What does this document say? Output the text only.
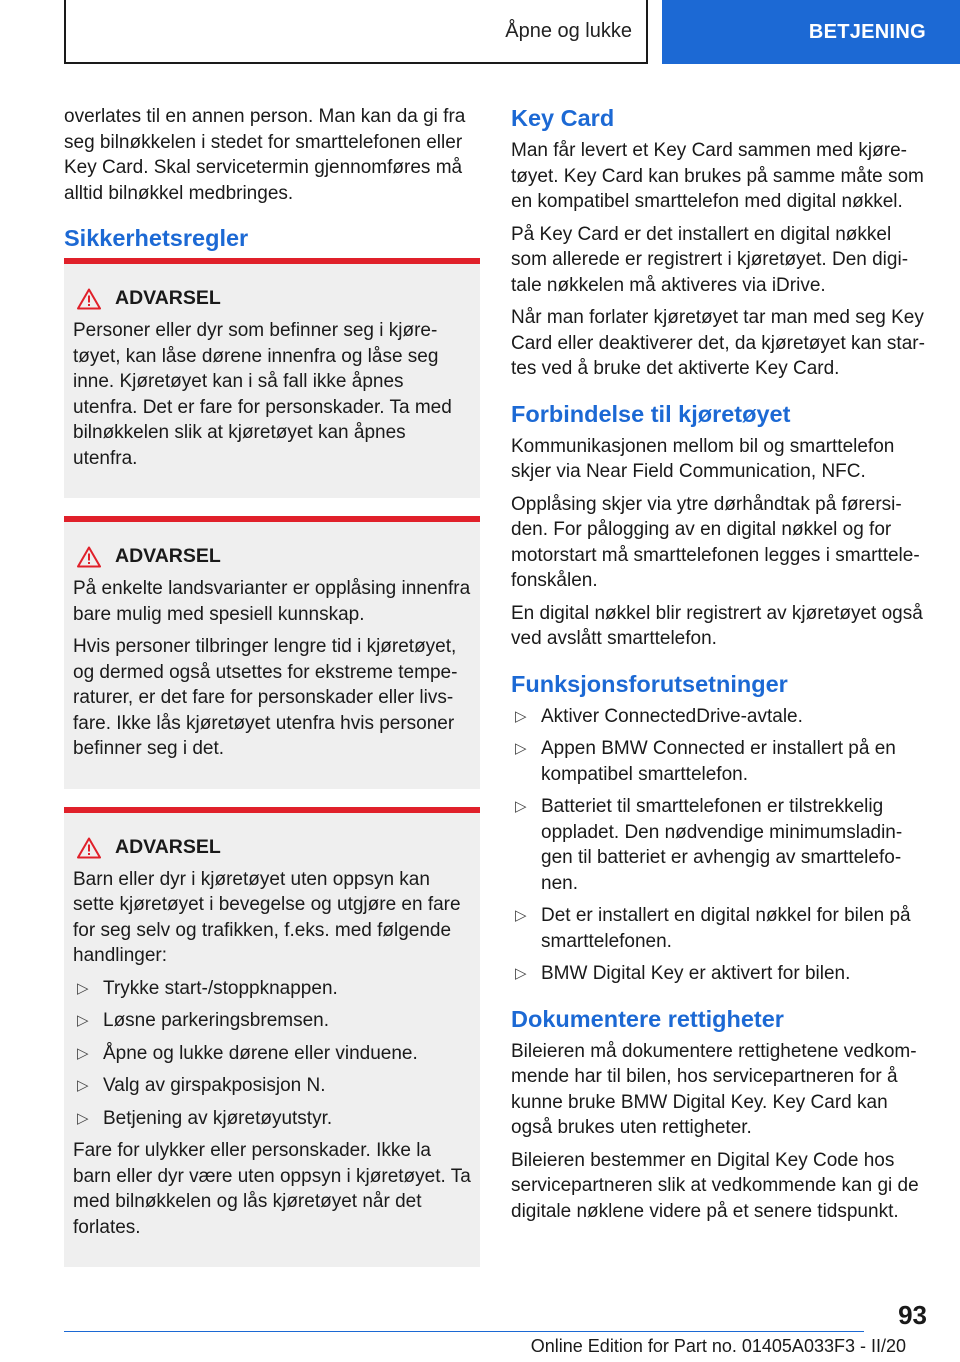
Åpne og lukke	BETJENING

overlates til en annen person. Man kan da gi fra seg bilnøkkelen i stedet for smarttelefonen eller Key Card. Skal servicetermin gjennomføres må alltid bilnøkkel medbringes.

Sikkerhetsregler
ADVARSEL

Personer eller dyr som befinner seg i kjøretøyet, kan låse dørene innenfra og låse seg inne. Kjøretøyet kan i så fall ikke åpnes utenfra. Det er fare for personskader. Ta med bilnøkkelen slik at kjøretøyet kan åpnes utenfra.

ADVARSEL

På enkelte landsvarianter er opplåsing innenfra bare mulig med spesiell kunnskap.

Hvis personer tilbringer lengre tid i kjøretøyet, og dermed også utsettes for ekstreme temperaturer, er det fare for personskader eller livsfare. Ikke lås kjøretøyet utenfra hvis personer befinner seg i det.

ADVARSEL

Barn eller dyr i kjøretøyet uten oppsyn kan sette kjøretøyet i bevegelse og utgjøre en fare for seg selv og trafikken, f.eks. med følgende handlinger:

▷ Trykke start-/stoppknappen.
▷ Løsne parkeringsbremsen.
▷ Åpne og lukke dørene eller vinduene.
▷ Valg av girspakposisjon N.
▷ Betjening av kjøretøyutstyr.

Fare for ulykker eller personskader. Ikke la barn eller dyr være uten oppsyn i kjøretøyet. Ta med bilnøkkelen og lås kjøretøyet når det forlates.

Key Card

Man får levert et Key Card sammen med kjøretøyet. Key Card kan brukes på samme måte som en kompatibel smarttelefon med digital nøkkel.

På Key Card er det installert en digital nøkkel som allerede er registrert i kjøretøyet. Den digitale nøkkelen må aktiveres via iDrive.

Når man forlater kjøretøyet tar man med seg Key Card eller deaktiverer det, da kjøretøyet kan startes ved å bruke det aktiverte Key Card.

Forbindelse til kjøretøyet

Kommunikasjonen mellom bil og smarttelefon skjer via Near Field Communication, NFC.

Opplåsing skjer via ytre dørhåndtak på førersiden. For pålogging av en digital nøkkel og for motorstart må smarttelefonen legges i smarttelefonskålen.

En digital nøkkel blir registrert av kjøretøyet også ved avslått smarttelefon.

Funksjonsforutsetninger
▷ Aktiver ConnectedDrive-avtale.
▷ Appen BMW Connected er installert på en kompatibel smarttelefon.
▷ Batteriet til smarttelefonen er tilstrekkelig oppladet. Den nødvendige minimumsladingen til batteriet er avhengig av smarttelefonen.
▷ Det er installert en digital nøkkel for bilen på smarttelefonen.
▷ BMW Digital Key er aktivert for bilen.
Dokumentere rettigheter

Bileieren må dokumentere rettighetene vedkommende har til bilen, hos servicepartneren for å kunne bruke BMW Digital Key. Key Card kan også brukes uten rettigheter.

Bileieren bestemmer en Digital Key Code hos servicepartneren slik at vedkommende kan gi de digitale nøklene videre på et senere tidspunkt.

93
Online Edition for Part no. 01405A033F3 - II/20
